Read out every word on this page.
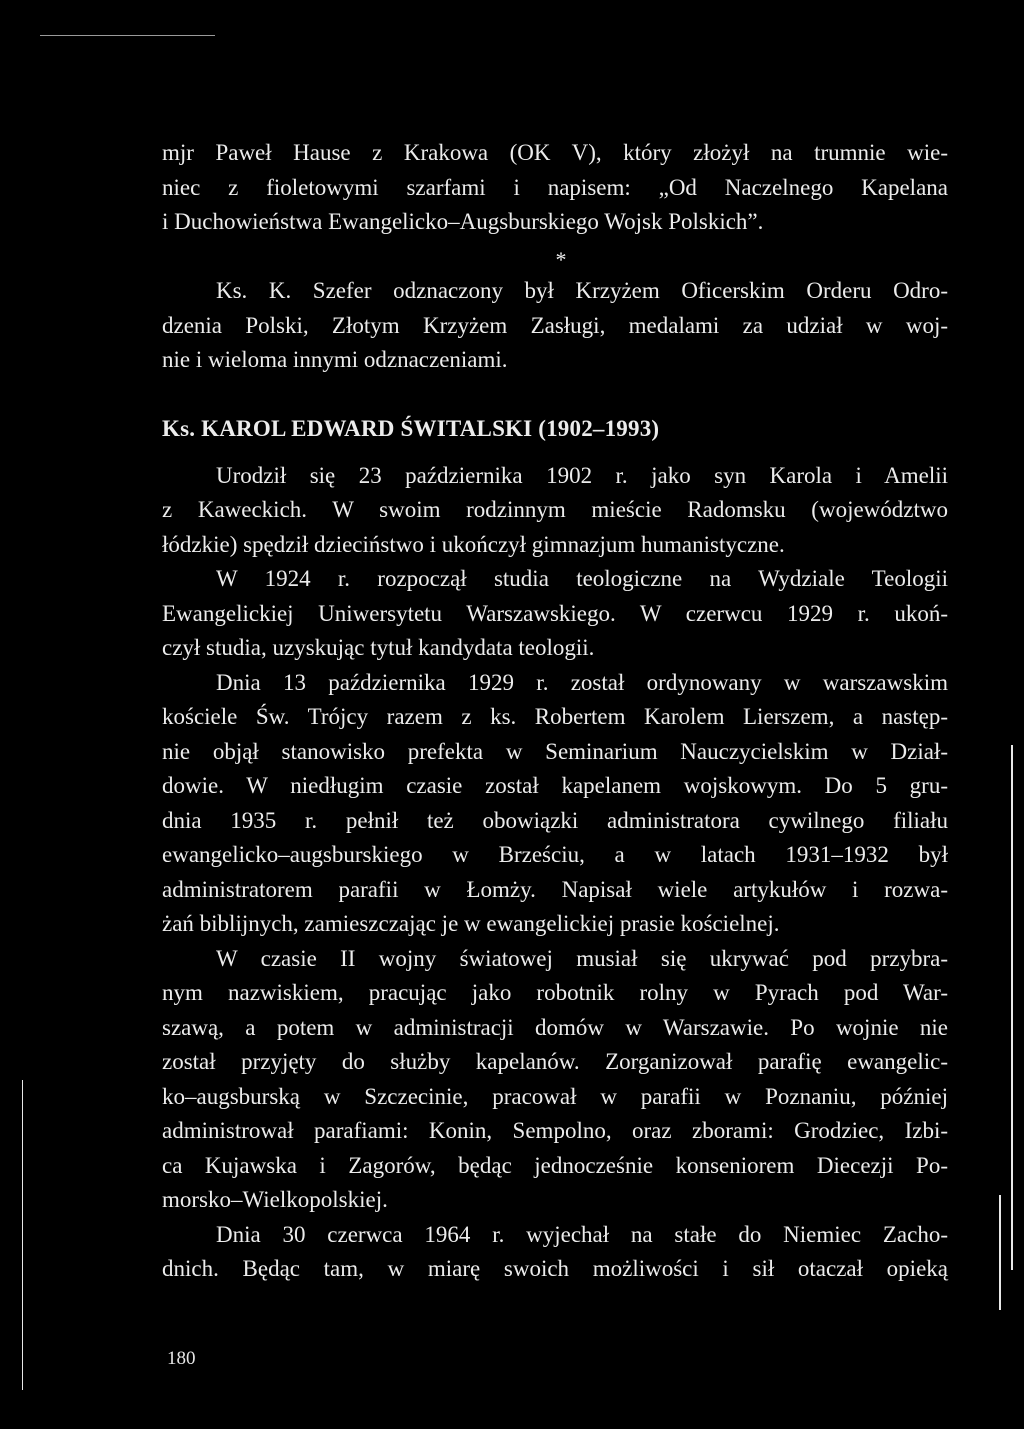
mjr Paweł Hause z Krakowa (OK V), który złożył na trumnie wie-
niec z fioletowymi szarfami i napisem: „Od Naczelnego Kapelana
i Duchowieństwa Ewangelicko–Augsburskiego Wojsk Polskich”.
*
Ks. K. Szefer odznaczony był Krzyżem Oficerskim Orderu Odro-
dzenia Polski, Złotym Krzyżem Zasługi, medalami za udział w woj-
nie i wieloma innymi odznaczeniami.
Ks. KAROL EDWARD ŚWITALSKI (1902–1993)
Urodził się 23 października 1902 r. jako syn Karola i Amelii
z Kaweckich. W swoim rodzinnym mieście Radomsku (województwo
łódzkie) spędził dzieciństwo i ukończył gimnazjum humanistyczne.
W 1924 r. rozpoczął studia teologiczne na Wydziale Teologii
Ewangelickiej Uniwersytetu Warszawskiego. W czerwcu 1929 r. ukoń-
czył studia, uzyskując tytuł kandydata teologii.
Dnia 13 października 1929 r. został ordynowany w warszawskim
kościele Św. Trójcy razem z ks. Robertem Karolem Lierszem, a następ-
nie objął stanowisko prefekta w Seminarium Nauczycielskim w Dział-
dowie. W niedługim czasie został kapelanem wojskowym. Do 5 gru-
dnia 1935 r. pełnił też obowiązki administratora cywilnego filiału
ewangelicko–augsburskiego w Brześciu, a w latach 1931–1932 był
administratorem parafii w Łomży. Napisał wiele artykułów i rozwa-
żań biblijnych, zamieszczając je w ewangelickiej prasie kościelnej.
W czasie II wojny światowej musiał się ukrywać pod przybra-
nym nazwiskiem, pracując jako robotnik rolny w Pyrach pod War-
szawą, a potem w administracji domów w Warszawie. Po wojnie nie
został przyjęty do służby kapelanów. Zorganizował parafię ewangelic-
ko–augsburską w Szczecinie, pracował w parafii w Poznaniu, później
administrował parafiami: Konin, Sempolno, oraz zborami: Grodziec, Izbi-
ca Kujawska i Zagorów, będąc jednocześnie konseniorem Diecezji Po-
morsko–Wielkopolskiej.
Dnia 30 czerwca 1964 r. wyjechał na stałe do Niemiec Zacho-
dnich. Będąc tam, w miarę swoich możliwości i sił otaczał opieką
180
